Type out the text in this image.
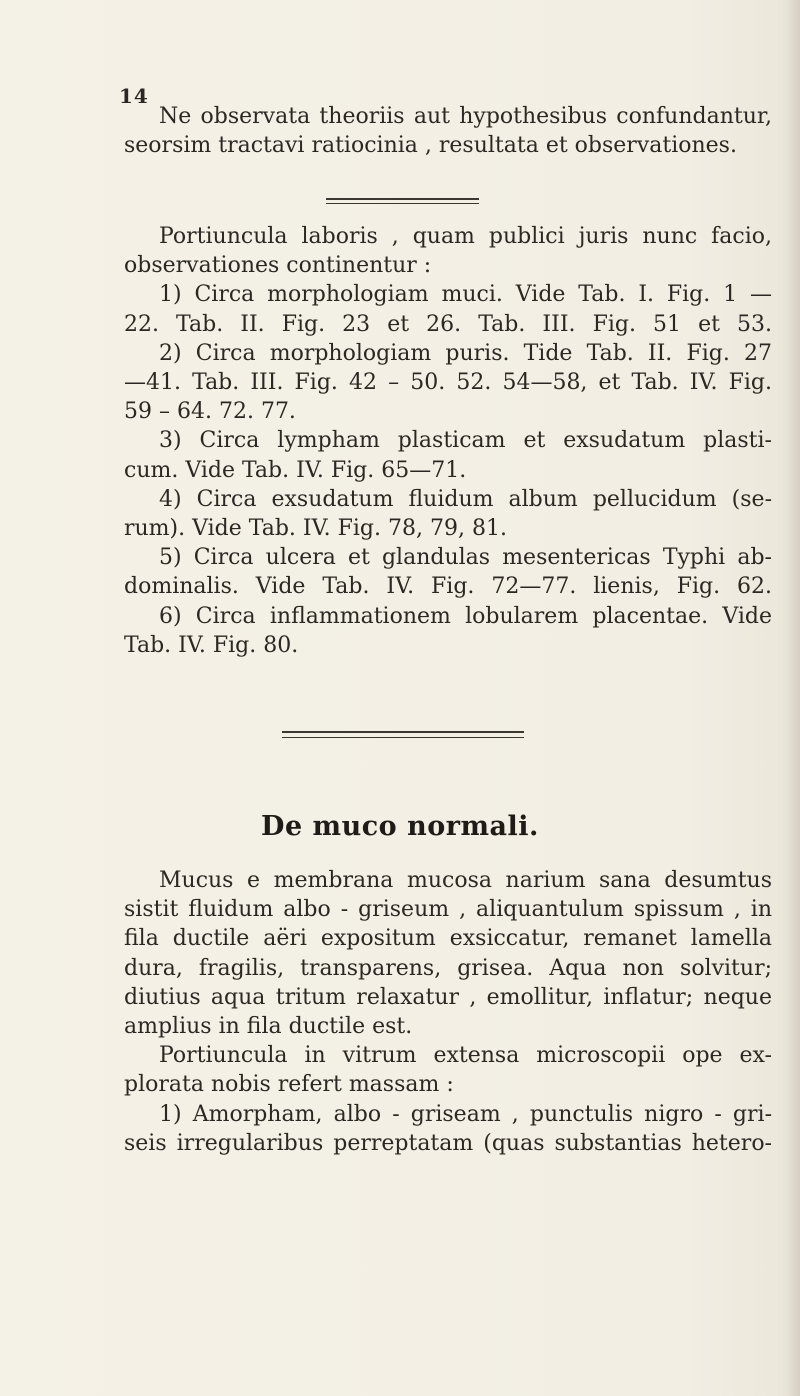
14
Ne observata theoriis aut hypothesibus confundantur,
seorsim tractavi ratiocinia , resultata et observationes.
Portiuncula laboris , quam publici juris nunc facio,
observationes continentur :
1) Circa morphologiam muci. Vide Tab. I. Fig. 1 —
22. Tab. II. Fig. 23 et 26. Tab. III. Fig. 51 et 53.
2) Circa morphologiam puris. Tide Tab. II. Fig. 27
—41. Tab. III. Fig. 42 – 50. 52. 54—58, et Tab. IV. Fig.
59 – 64. 72. 77.
3) Circa lympham plasticam et exsudatum plasti-
cum. Vide Tab. IV. Fig. 65—71.
4) Circa exsudatum fluidum album pellucidum (se-
rum). Vide Tab. IV. Fig. 78, 79, 81.
5) Circa ulcera et glandulas mesentericas Typhi ab-
dominalis. Vide Tab. IV. Fig. 72—77. lienis, Fig. 62.
6) Circa inflammationem lobularem placentae. Vide
Tab. IV. Fig. 80.
De muco normali.
Mucus e membrana mucosa narium sana desumtus
sistit fluidum albo - griseum , aliquantulum spissum , in
fila ductile aëri expositum exsiccatur, remanet lamella
dura, fragilis, transparens, grisea. Aqua non solvitur;
diutius aqua tritum relaxatur , emollitur, inflatur; neque
amplius in fila ductile est.
Portiuncula in vitrum extensa microscopii ope ex-
plorata nobis refert massam :
1) Amorpham, albo - griseam , punctulis nigro - gri-
seis irregularibus perreptatam (quas substantias hetero-
